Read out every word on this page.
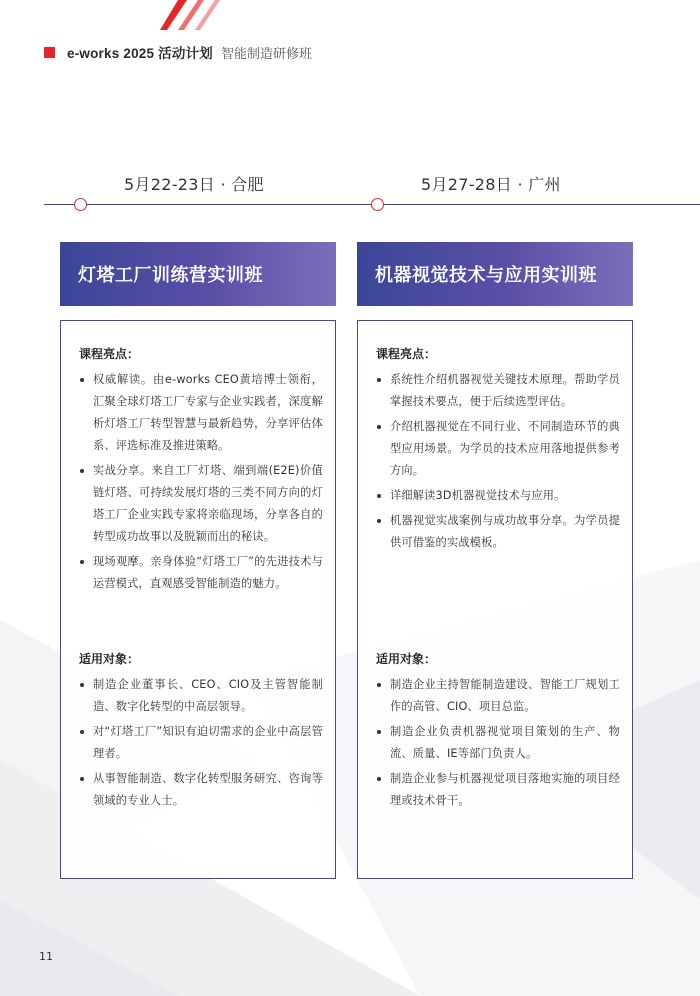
e-works 2025 活动计划 智能制造研修班
5月22-23日 · 合肥	5月27-28日 · 广州
灯塔工厂训练营实训班	机器视觉技术与应用实训班
课程亮点：
权威解读。由e-works CEO黄培博士领衔，汇聚全球灯塔工厂专家与企业实践者，深度解析灯塔工厂转型智慧与最新趋势，分享评估体系、评选标准及推进策略。
实战分享。来自工厂灯塔、端到端(E2E)价值链灯塔、可持续发展灯塔的三类不同方向的灯塔工厂企业实践专家将亲临现场，分享各自的转型成功故事以及脱颖而出的秘诀。
现场观摩。亲身体验“灯塔工厂”的先进技术与运营模式，直观感受智能制造的魅力。
适用对象：
制造企业董事长、CEO、CIO及主管智能制造、数字化转型的中高层领导。
对“灯塔工厂”知识有迫切需求的企业中高层管理者。
从事智能制造、数字化转型服务研究、咨询等领域的专业人士。
课程亮点：
系统性介绍机器视觉关键技术原理。帮助学员掌握技术要点，便于后续选型评估。
介绍机器视觉在不同行业、不同制造环节的典型应用场景。为学员的技术应用落地提供参考方向。
详细解读3D机器视觉技术与应用。
机器视觉实战案例与成功故事分享。为学员提供可借鉴的实战模板。
适用对象：
制造企业主持智能制造建设、智能工厂规划工作的高管、CIO、项目总监。
制造企业负责机器视觉项目策划的生产、物流、质量、IE等部门负责人。
制造企业参与机器视觉项目落地实施的项目经理或技术骨干。
11
